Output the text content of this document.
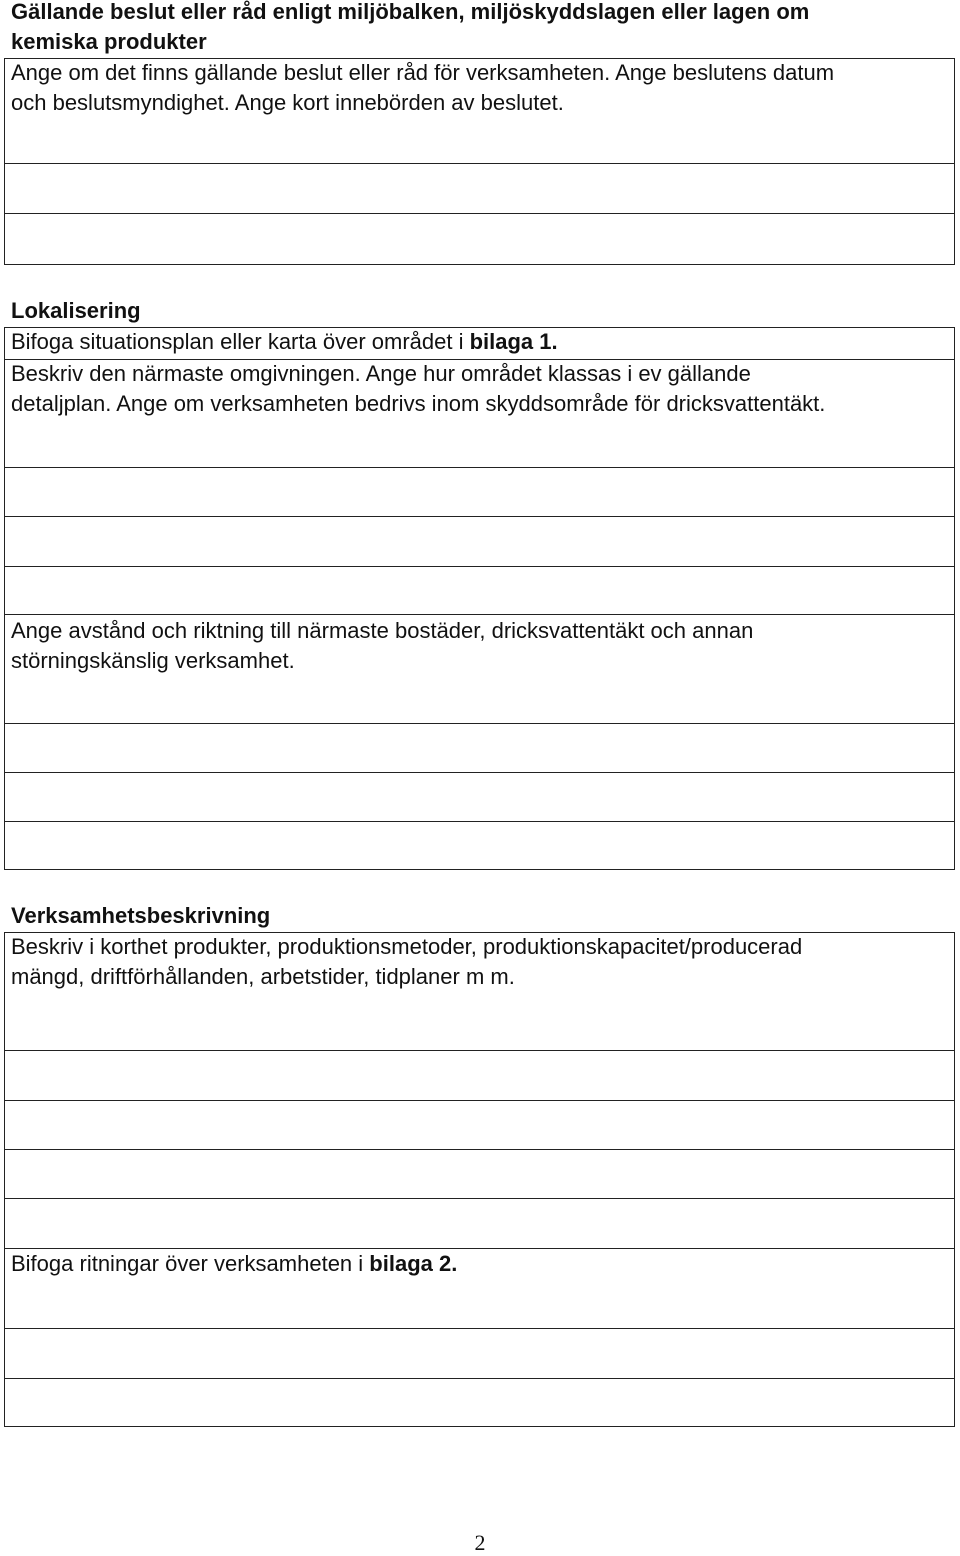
Gällande beslut eller råd enligt miljöbalken, miljöskyddslagen eller lagen om
kemiska produkter
Ange om det finns gällande beslut eller råd för verksamheten. Ange beslutens datum
och beslutsmyndighet. Ange kort innebörden av beslutet.
Lokalisering
Bifoga situationsplan eller karta över området i bilaga 1.
Beskriv den närmaste omgivningen. Ange hur området klassas i ev gällande
detaljplan. Ange om verksamheten bedrivs inom skyddsområde för dricksvattentäkt.
Ange avstånd och riktning till närmaste bostäder, dricksvattentäkt och annan
störningskänslig verksamhet.
Verksamhetsbeskrivning
Beskriv i korthet produkter, produktionsmetoder, produktionskapacitet/producerad
mängd, driftförhållanden, arbetstider, tidplaner m m.
Bifoga ritningar över verksamheten i bilaga 2.
2
